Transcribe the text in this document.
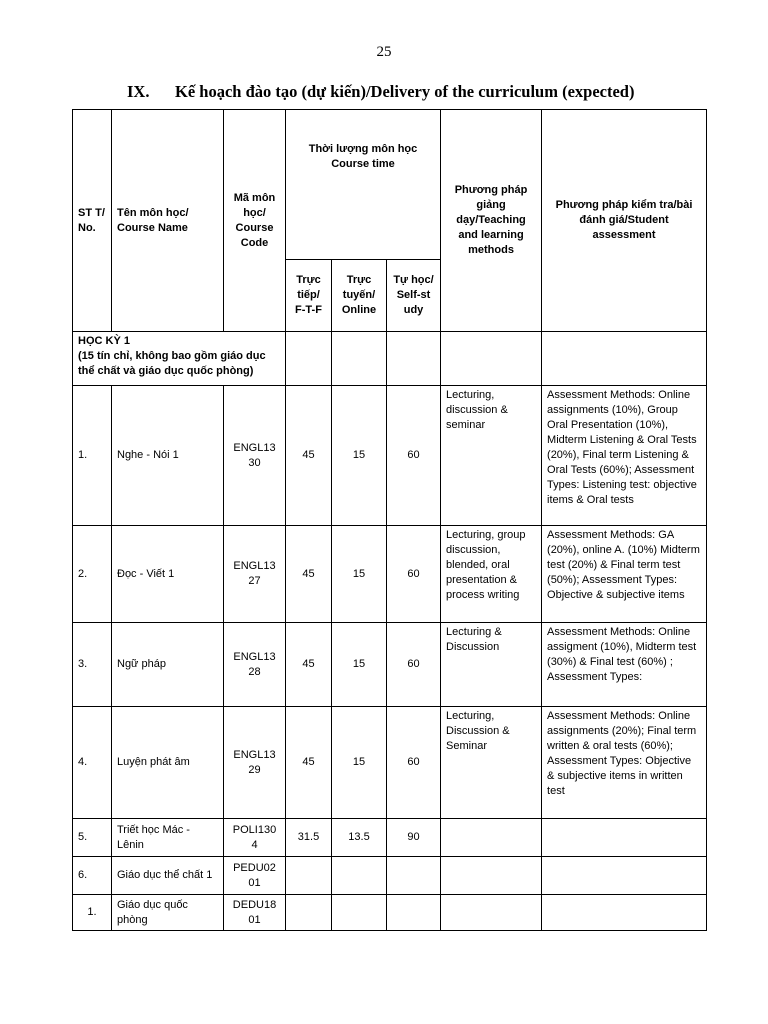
25
IX. Kế hoạch đào tạo (dự kiến)/Delivery of the curriculum (expected)
ST T/ No.	Tên môn học/ Course Name	Mã môn học/ Course Code	Thời lượng môn học Course time			Phương pháp giảng dạy/Teaching and learning methods	Phương pháp kiểm tra/bài đánh giá/Student assessment
			Trực tiếp/ F-T-F	Trực tuyến/ Online	Tự học/ Self-st udy		

HỌC KỲ 1
(15 tín chỉ, không bao gồm giáo dục thể chất và giáo dục quốc phòng)							

1.	Nghe - Nói 1	ENGL13 30	45	15	60	Lecturing, discussion & seminar	Assessment Methods: Online assignments (10%), Group Oral Presentation (10%), Midterm Listening & Oral Tests (20%), Final term Listening & Oral Tests (60%); Assessment Types: Listening test: objective items & Oral tests
2.	Đọc - Viết 1	ENGL13 27	45	15	60	Lecturing, group discussion, blended, oral presentation & process writing	Assessment Methods: GA (20%), online A. (10%) Midterm test (20%) & Final term test (50%); Assessment Types: Objective & subjective items
3.	Ngữ pháp	ENGL13 28	45	15	60	Lecturing & Discussion	Assessment Methods: Online assigment (10%), Midterm test (30%) & Final test (60%) ; Assessment Types:
4.	Luyện phát âm	ENGL13 29	45	15	60	Lecturing, Discussion & Seminar	Assessment Methods: Online assignments (20%); Final term written & oral tests (60%); Assessment Types: Objective & subjective items in written test
5.	Triết học Mác - Lênin	POLI130 4	31.5	13.5	90		
6.	Giáo dục thể chất 1	PEDU02 01					
1.	Giáo dục quốc phòng	DEDU18 01					
